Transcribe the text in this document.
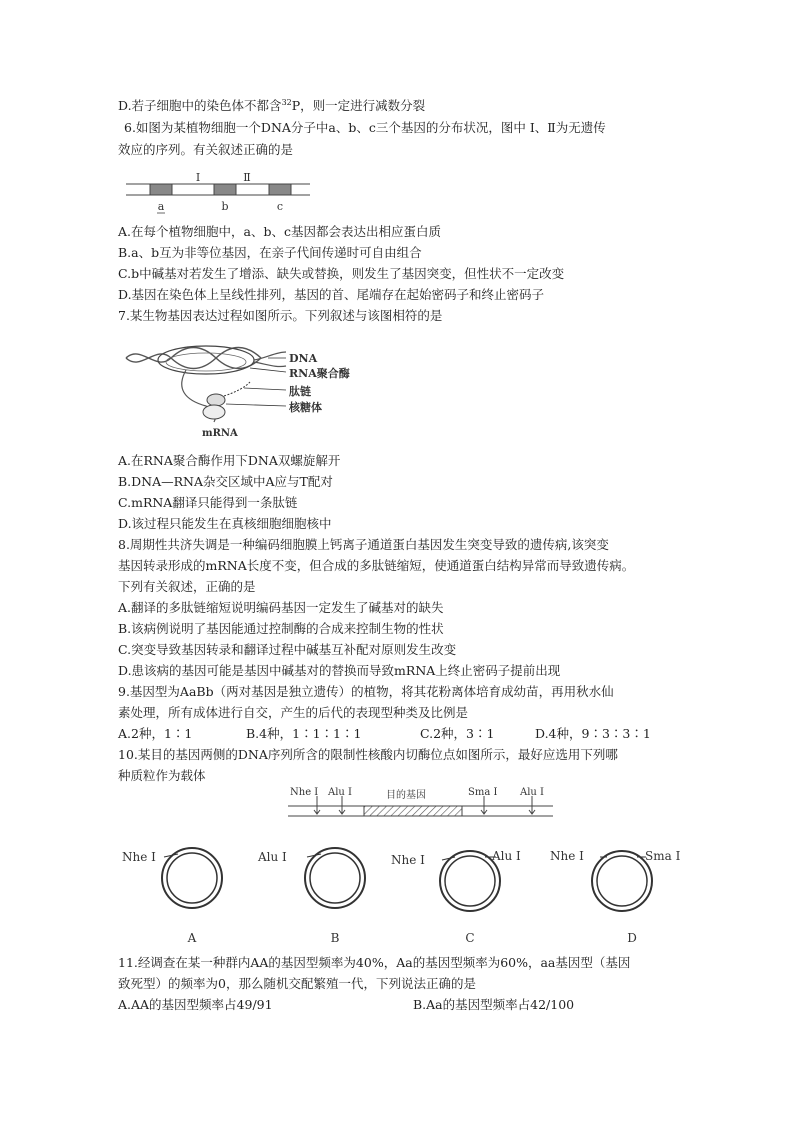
D.若子细胞中的染色体不都含$^{32}$P，则一定进行减数分裂
6.如图为某植物细胞一个DNA分子中a、b、c三个基因的分布状况，图中 Ⅰ、Ⅱ为无遗传
效应的序列。有关叙述正确的是
Ⅰ	Ⅱ
a	b	c
A.在每个植物细胞中，a、b、c基因都会表达出相应蛋白质
B.a、b互为非等位基因，在亲子代间传递时可自由组合
C.b中碱基对若发生了增添、缺失或替换，则发生了基因突变，但性状不一定改变
D.基因在染色体上呈线性排列，基因的首、尾端存在起始密码子和终止密码子
7.某生物基因表达过程如图所示。下列叙述与该图相符的是
DNA
RNA聚合酶
肽链
核糖体
mRNA
A.在RNA聚合酶作用下DNA双螺旋解开
B.DNA—RNA杂交区域中A应与T配对
C.mRNA翻译只能得到一条肽链
D.该过程只能发生在真核细胞细胞核中
8.周期性共济失调是一种编码细胞膜上钙离子通道蛋白基因发生突变导致的遗传病,该突变
基因转录形成的mRNA长度不变，但合成的多肽链缩短，使通道蛋白结构异常而导致遗传病。
下列有关叙述，正确的是
A.翻译的多肽链缩短说明编码基因一定发生了碱基对的缺失
B.该病例说明了基因能通过控制酶的合成来控制生物的性状
C.突变导致基因转录和翻译过程中碱基互补配对原则发生改变
D.患该病的基因可能是基因中碱基对的替换而导致mRNA上终止密码子提前出现
9.基因型为AaBb（两对基因是独立遗传）的植物，将其花粉离体培育成幼苗，再用秋水仙
素处理，所有成体进行自交，产生的后代的表现型种类及比例是
A.2种，1∶1	B.4种，1∶1∶1∶1	C.2种，3∶1	D.4种，9∶3∶3∶1
10.某目的基因两侧的DNA序列所含的限制性核酸内切酶位点如图所示，最好应选用下列哪
种质粒作为载体
Nhe Ⅰ Alu Ⅰ	目的基因	Sma Ⅰ Alu Ⅰ
Nhe Ⅰ
A
Alu Ⅰ
B
Nhe Ⅰ	Alu Ⅰ
C
Nhe Ⅰ	Sma Ⅰ
D
11.经调查在某一种群内AA的基因型频率为40%，Aa的基因型频率为60%，aa基因型（基因
致死型）的频率为0，那么随机交配繁殖一代，下列说法正确的是
A.AA的基因型频率占49/91	B.Aa的基因型频率占42/100
